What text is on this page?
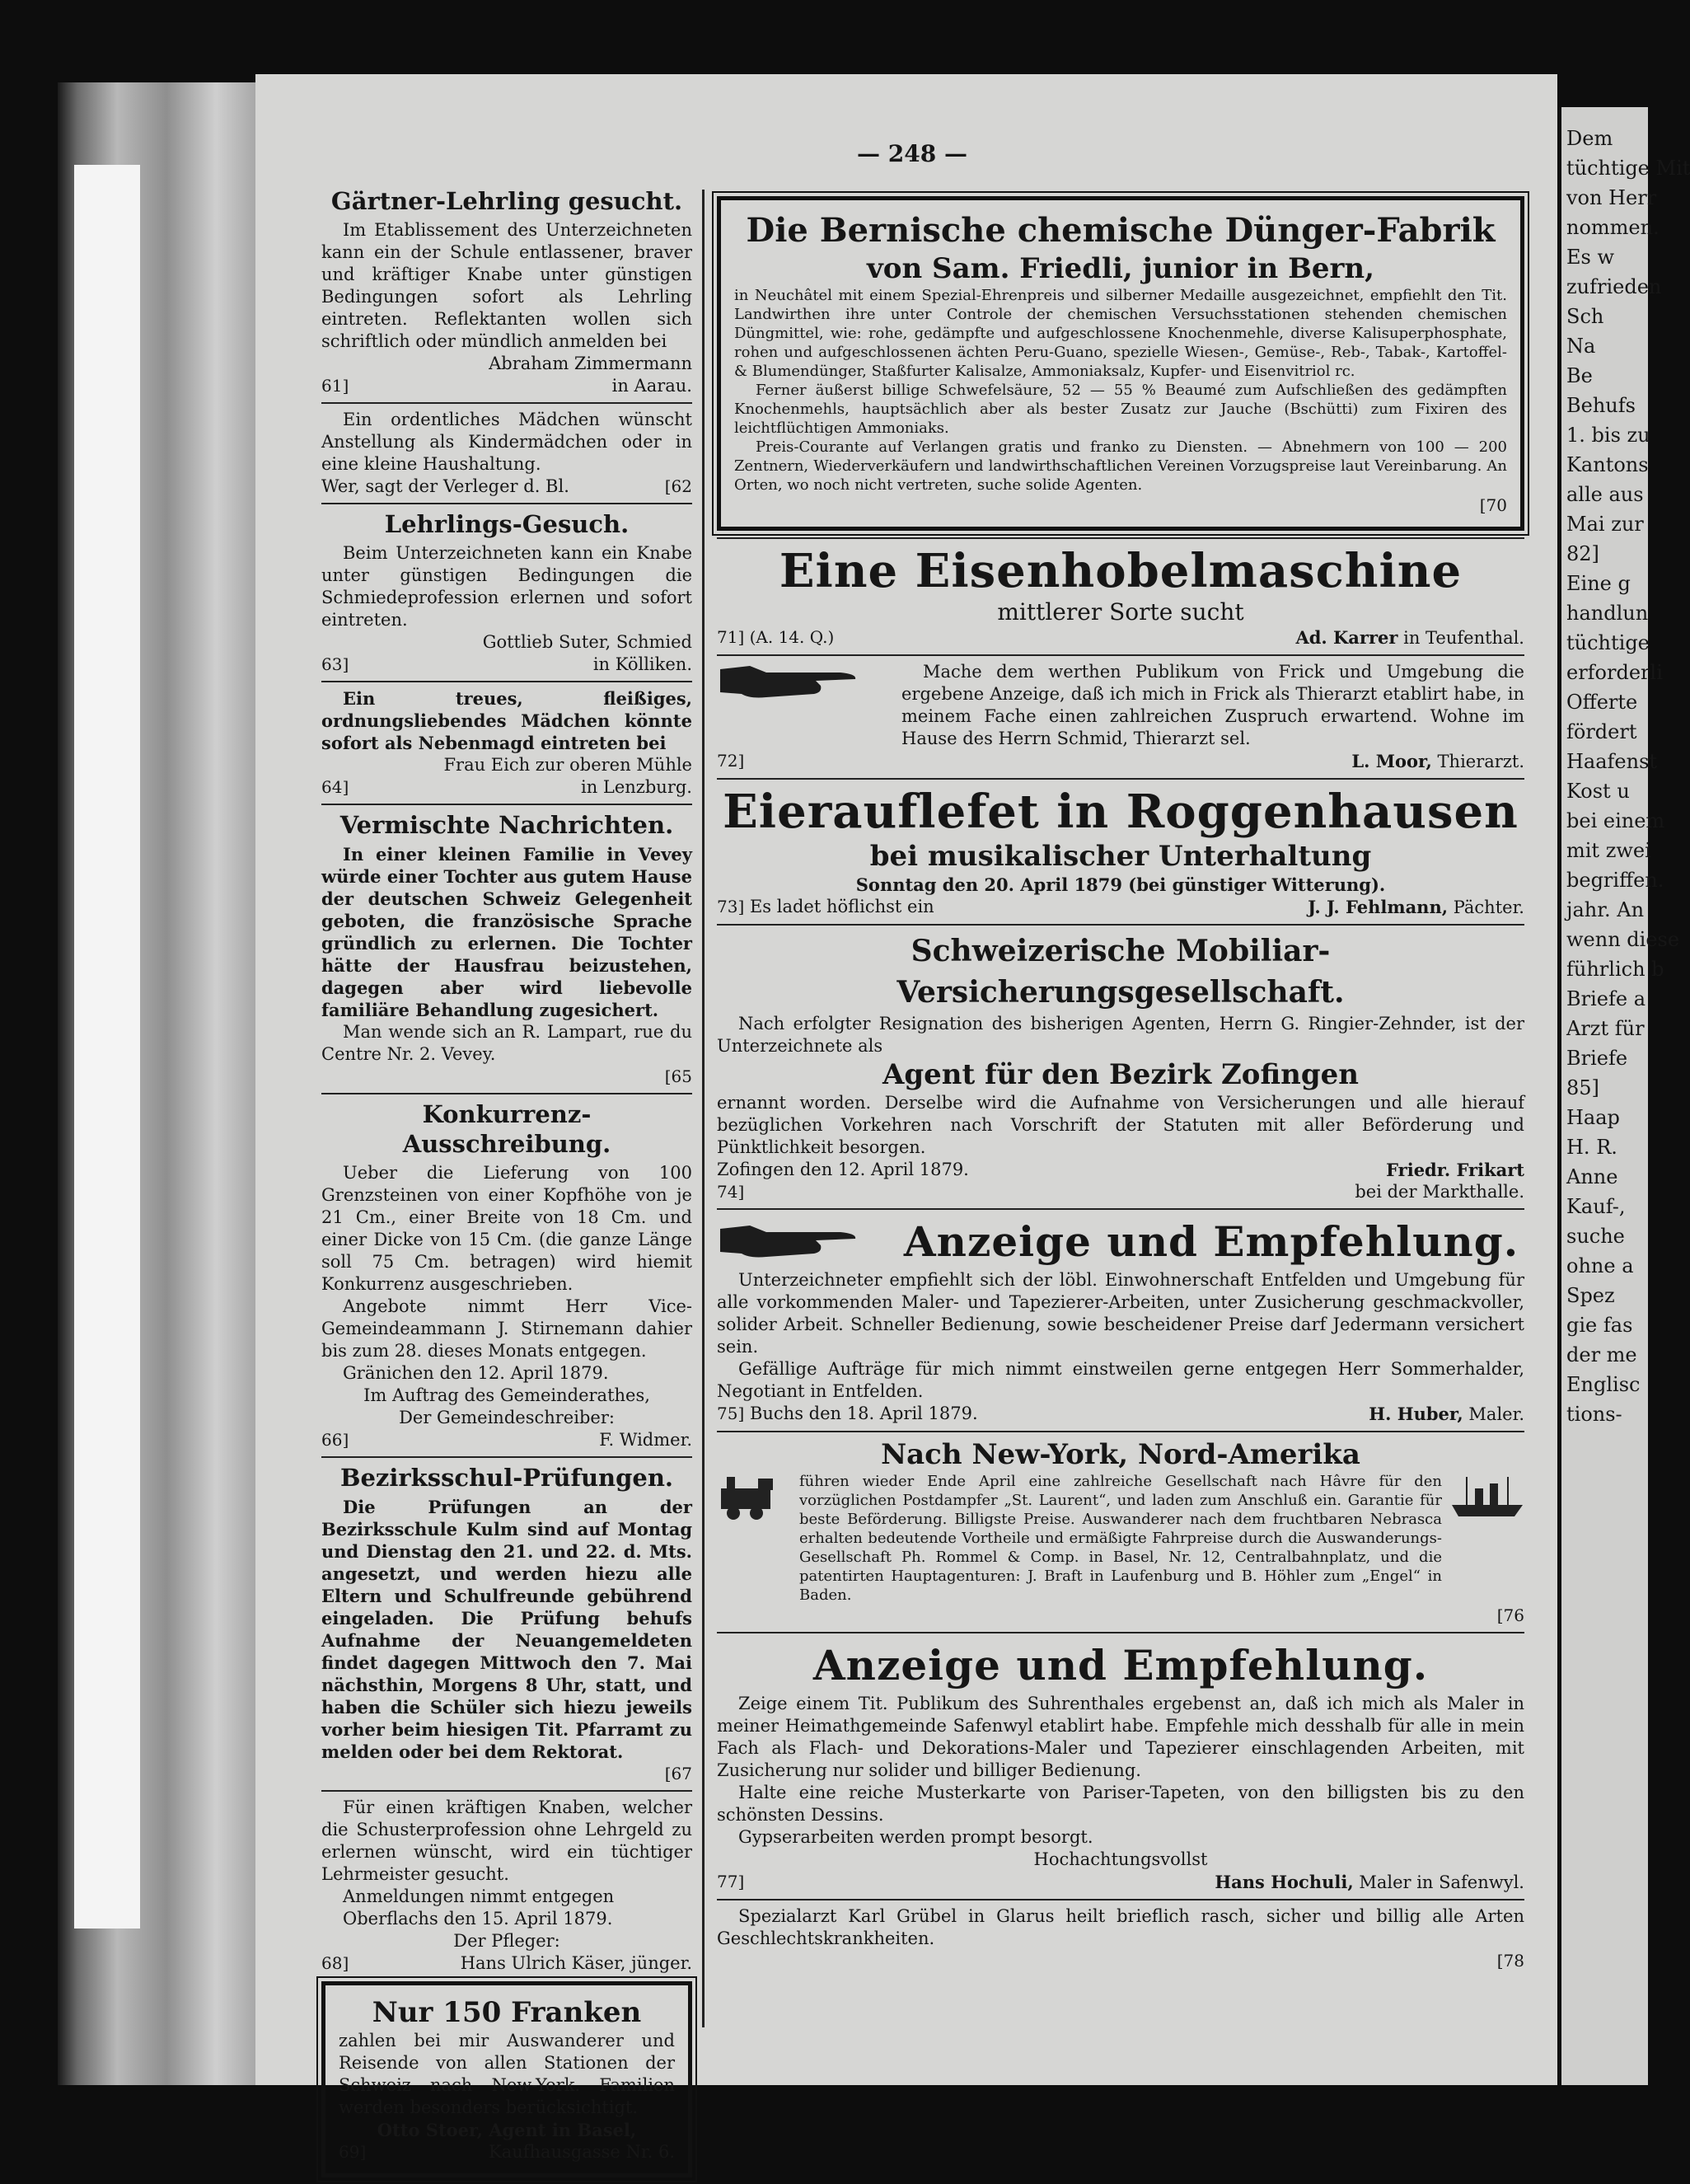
— 248 —
Gärtner-Lehrling gesucht.

Im Etablissement des Unterzeichneten kann ein der Schule entlassener, braver und kräftiger Knabe unter günstigen Bedingungen sofort als Lehrling eintreten. Reflektanten wollen sich schriftlich oder mündlich anmelden bei

Abraham Zimmermann

61]	in Aarau.

Ein ordentliches Mädchen wünscht Anstellung als Kindermädchen oder in eine kleine Haushaltung.

Wer, sagt der Verleger d. Bl.	[62
Lehrlings-Gesuch.

Beim Unterzeichneten kann ein Knabe unter günstigen Bedingungen die Schmiedeprofession erlernen und sofort eintreten.

Gottlieb Suter, Schmied

63]	in Kölliken.

Ein treues, fleißiges, ordnungsliebendes Mädchen könnte sofort als Nebenmagd eintreten bei

Frau Eich zur oberen Mühle

64]	in Lenzburg.
Vermischte Nachrichten.

In einer kleinen Familie in Vevey würde einer Tochter aus gutem Hause der deutschen Schweiz Gelegenheit geboten, die französische Sprache gründlich zu erlernen. Die Tochter hätte der Hausfrau beizustehen, dagegen aber wird liebevolle familiäre Behandlung zugesichert.

Man wende sich an R. Lampart, rue du Centre Nr. 2. Vevey.

[65

Konkurrenz-Ausschreibung.

Ueber die Lieferung von 100 Grenzsteinen von einer Kopfhöhe von je 21 Cm., einer Breite von 18 Cm. und einer Dicke von 15 Cm. (die ganze Länge soll 75 Cm. betragen) wird hiemit Konkurrenz ausgeschrieben.

Angebote nimmt Herr Vice-Gemeindeammann J. Stirnemann dahier bis zum 28. dieses Monats entgegen.

Gränichen den 12. April 1879.

Im Auftrag des Gemeinderathes,

Der Gemeindeschreiber:

66]	F. Widmer.
Bezirksschul-Prüfungen.

Die Prüfungen an der Bezirksschule Kulm sind auf Montag und Dienstag den 21. und 22. d. Mts. angesetzt, und werden hiezu alle Eltern und Schulfreunde gebührend eingeladen. Die Prüfung behufs Aufnahme der Neuangemeldeten findet dagegen Mittwoch den 7. Mai nächsthin, Morgens 8 Uhr, statt, und haben die Schüler sich hiezu jeweils vorher beim hiesigen Tit. Pfarramt zu melden oder bei dem Rektorat.

[67

Für einen kräftigen Knaben, welcher die Schusterprofession ohne Lehrgeld zu erlernen wünscht, wird ein tüchtiger Lehrmeister gesucht.

Anmeldungen nimmt entgegen

Oberflachs den 15. April 1879.

Der Pfleger:

68]	Hans Ulrich Käser, jünger.
Nur 150 Franken

zahlen bei mir Auswanderer und Reisende von allen Stationen der Schweiz nach New-York. Familien werden besonders berücksichtigt.

Otto Stoer, Agent in Basel,

69]	Kaufhausgasse Nr. 6.
Die Bernische chemische Dünger-Fabrik
von Sam. Friedli, junior in Bern,

in Neuchâtel mit einem Spezial-Ehrenpreis und silberner Medaille ausgezeichnet, empfiehlt den Tit. Landwirthen ihre unter Controle der chemischen Versuchsstationen stehenden chemischen Düngmittel, wie: rohe, gedämpfte und aufgeschlossene Knochenmehle, diverse Kalisuperphosphate, rohen und aufgeschlossenen ächten Peru-Guano, spezielle Wiesen-, Gemüse-, Reb-, Tabak-, Kartoffel- & Blumendünger, Staßfurter Kalisalze, Ammoniaksalz, Kupfer- und Eisenvitriol rc.

Ferner äußerst billige Schwefelsäure, 52 — 55 % Beaumé zum Aufschließen des gedämpften Knochenmehls, hauptsächlich aber als bester Zusatz zur Jauche (Bschütti) zum Fixiren des leichtflüchtigen Ammoniaks.

Preis-Courante auf Verlangen gratis und franko zu Diensten. — Abnehmern von 100 — 200 Zentnern, Wiederverkäufern und landwirthschaftlichen Vereinen Vorzugspreise laut Vereinbarung. An Orten, wo noch nicht vertreten, suche solide Agenten.

[70

Eine Eisenhobelmaschine

mittlerer Sorte sucht

71] (A. 14. Q.)	Ad. Karrer in Teufenthal.

Mache dem werthen Publikum von Frick und Umgebung die ergebene Anzeige, daß ich mich in Frick als Thierarzt etablirt habe, in meinem Fache einen zahlreichen Zuspruch erwartend. Wohne im Hause des Herrn Schmid, Thierarzt sel.

72]	L. Moor, Thierarzt.
Eierauflefet in Roggenhausen
bei musikalischer Unterhaltung

Sonntag den 20. April 1879 (bei günstiger Witterung).

73] Es ladet höflichst ein	J. J. Fehlmann, Pächter.
Schweizerische Mobiliar-Versicherungsgesellschaft.

Nach erfolgter Resignation des bisherigen Agenten, Herrn G. Ringier-Zehnder, ist der Unterzeichnete als

Agent für den Bezirk Zofingen

ernannt worden. Derselbe wird die Aufnahme von Versicherungen und alle hierauf bezüglichen Vorkehren nach Vorschrift der Statuten mit aller Beförderung und Pünktlichkeit besorgen.

Zofingen den 12. April 1879.	Friedr. Frikart
74]	bei der Markthalle.
Anzeige und Empfehlung.

Unterzeichneter empfiehlt sich der löbl. Einwohnerschaft Entfelden und Umgebung für alle vorkommenden Maler- und Tapezierer-Arbeiten, unter Zusicherung geschmackvoller, solider Arbeit. Schneller Bedienung, sowie bescheidener Preise darf Jedermann versichert sein.

Gefällige Aufträge für mich nimmt einstweilen gerne entgegen Herr Sommerhalder, Negotiant in Entfelden.

75] Buchs den 18. April 1879.	H. Huber, Maler.
Nach New-York, Nord-Amerika

führen wieder Ende April eine zahlreiche Gesellschaft nach Hâvre für den vorzüglichen Postdampfer „St. Laurent“, und laden zum Anschluß ein. Garantie für beste Beförderung. Billigste Preise. Auswanderer nach dem fruchtbaren Nebrasca erhalten bedeutende Vortheile und ermäßigte Fahrpreise durch die Auswanderungs-Gesellschaft Ph. Rommel & Comp. in Basel, Nr. 12, Centralbahnplatz, und die patentirten Hauptagenturen: J. Braft in Laufenburg und B. Höhler zum „Engel“ in Baden.

[76

Anzeige und Empfehlung.

Zeige einem Tit. Publikum des Suhrenthales ergebenst an, daß ich mich als Maler in meiner Heimathgemeinde Safenwyl etablirt habe. Empfehle mich desshalb für alle in mein Fach als Flach- und Dekorations-Maler und Tapezierer einschlagenden Arbeiten, mit Zusicherung nur solider und billiger Bedienung.

Halte eine reiche Musterkarte von Pariser-Tapeten, von den billigsten bis zu den schönsten Dessins.

Gypserarbeiten werden prompt besorgt.

Hochachtungsvollst

77]	Hans Hochuli, Maler in Safenwyl.

Spezialarzt Karl Grübel in Glarus heilt brieflich rasch, sicher und billig alle Arten Geschlechtskrankheiten.

[78

Dem
tüchtige Mit
von Herr
nommen.
Es w
zufrieden
Sch
Na
Be
Behufs
1. bis zu
Kantons
alle aus
Mai zur
82]
Eine g
handlun
tüchtige
erforderli
Offerte
fördert
Haafenst
Kost u
bei einem
mit zwei
begriffen.
jahr. An
wenn diese
führlich b
Briefe a
Arzt für
Briefe
85]
Haap
H. R.
Anne
Kauf-,
suche
ohne a
Spez
gie fas
der me
Englisc
tions-
